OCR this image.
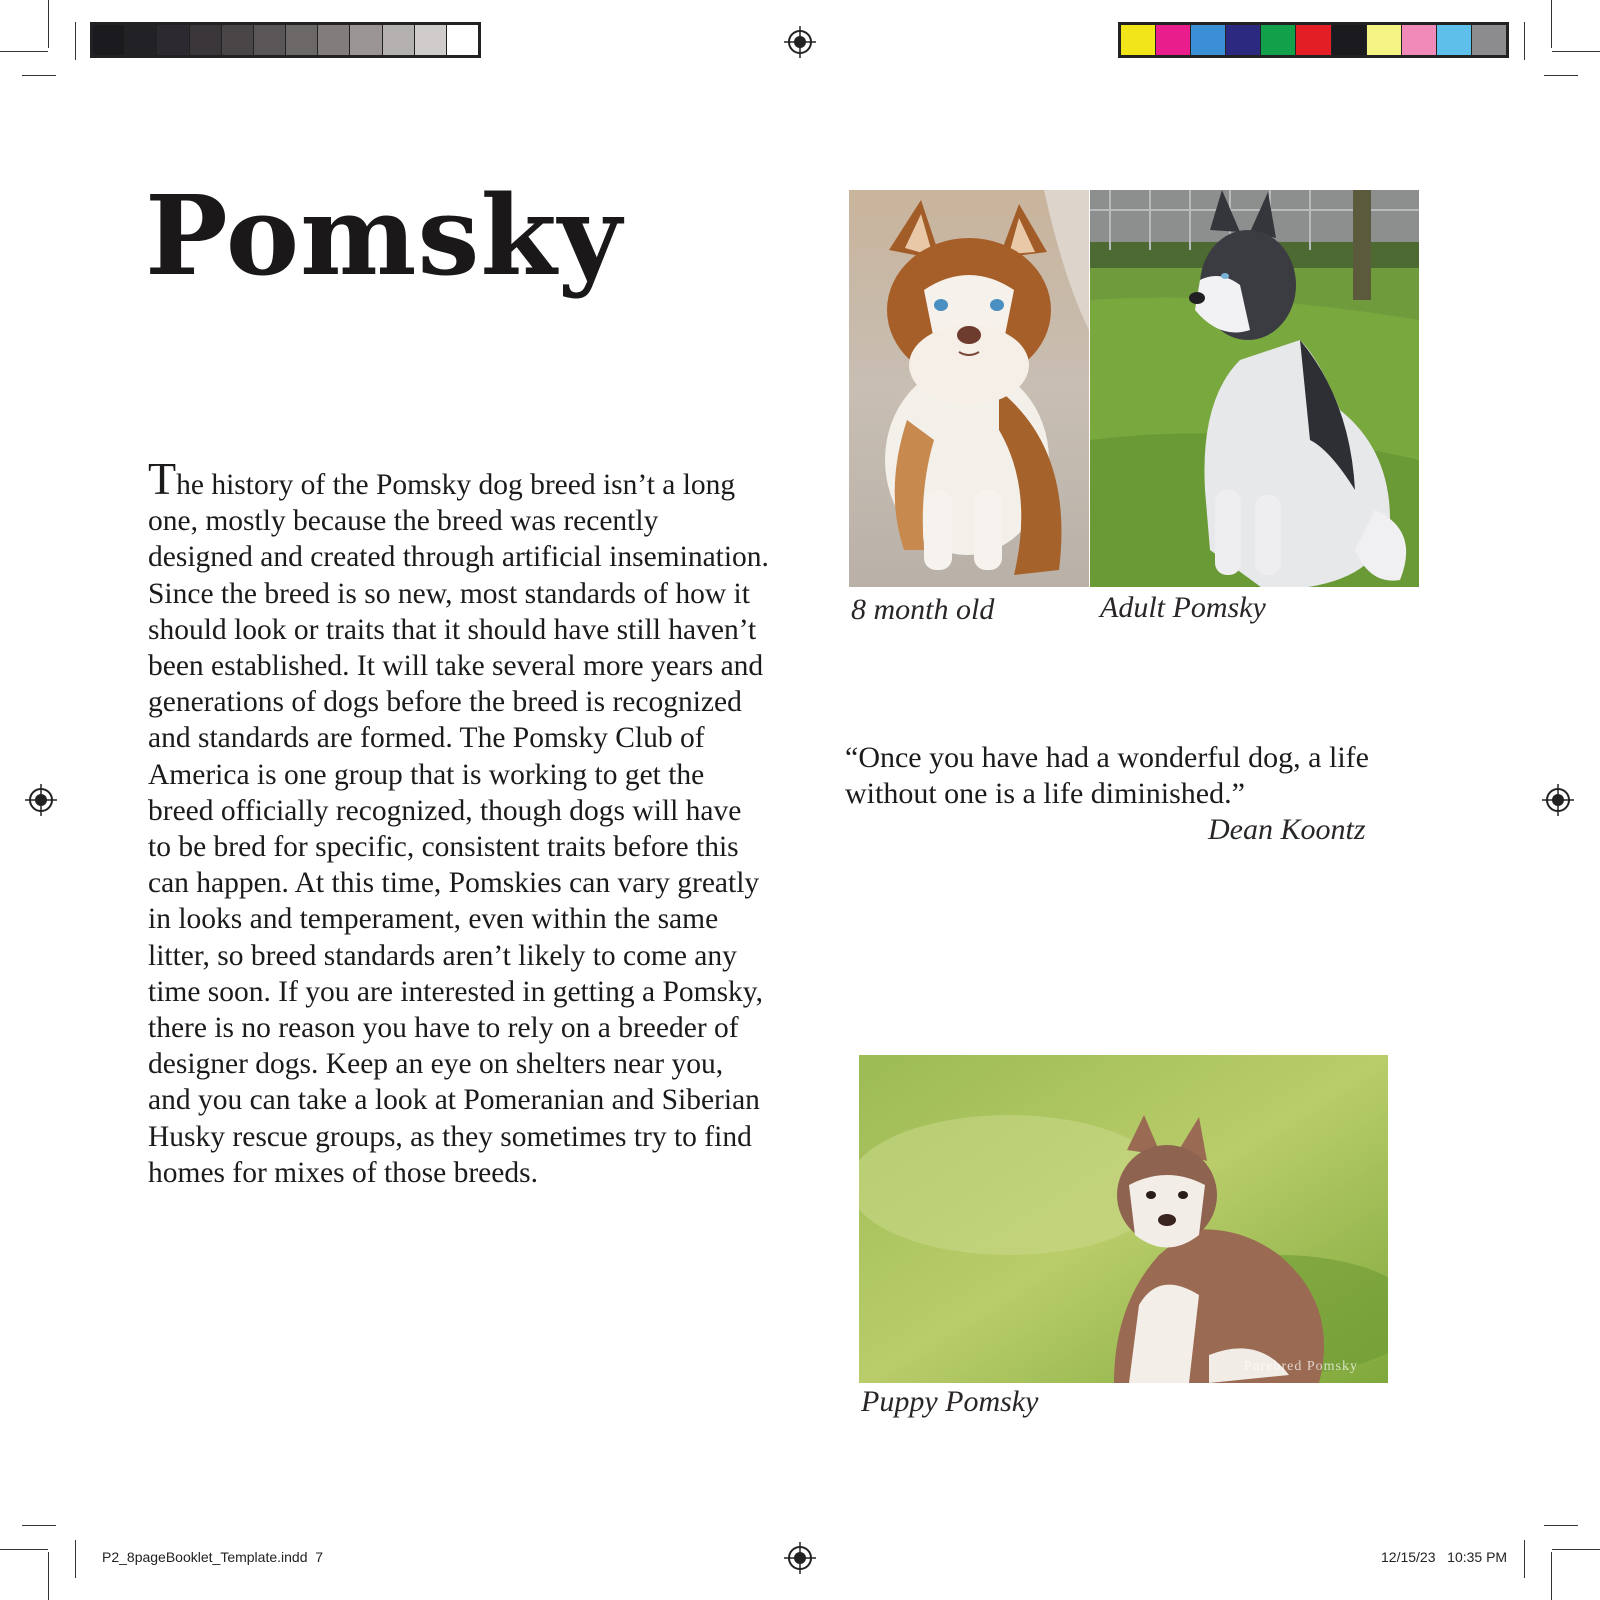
Pomsky

The history of the Pomsky dog breed isn’t a long one, mostly because the breed was recently designed and created through artificial insemination. Since the breed is so new, most standards of how it should look or traits that it should have still haven’t been established. It will take several more years and generations of dogs before the breed is recognized and standards are formed. The Pomsky Club of America is one group that is working to get the breed officially recognized, though dogs will have to be bred for specific, consistent traits before this can happen. At this time, Pomskies can vary greatly in looks and temperament, even within the same litter, so breed standards aren’t likely to come any time soon. If you are interested in getting a Pomsky, there is no reason you have to rely on a breeder of designer dogs. Keep an eye on shelters near you, and you can take a look at Pomeranian and Siberian Husky rescue groups, as they sometimes try to find homes for mixes of those breeds.

8 month old	Adult Pomsky

“Once you have had a wonderful dog, a life without one is a life diminished.”

Dean Koontz
Purebred Pomsky
Puppy Pomsky
P2_8pageBooklet_Template.indd 7	12/15/23 10:35 PM
